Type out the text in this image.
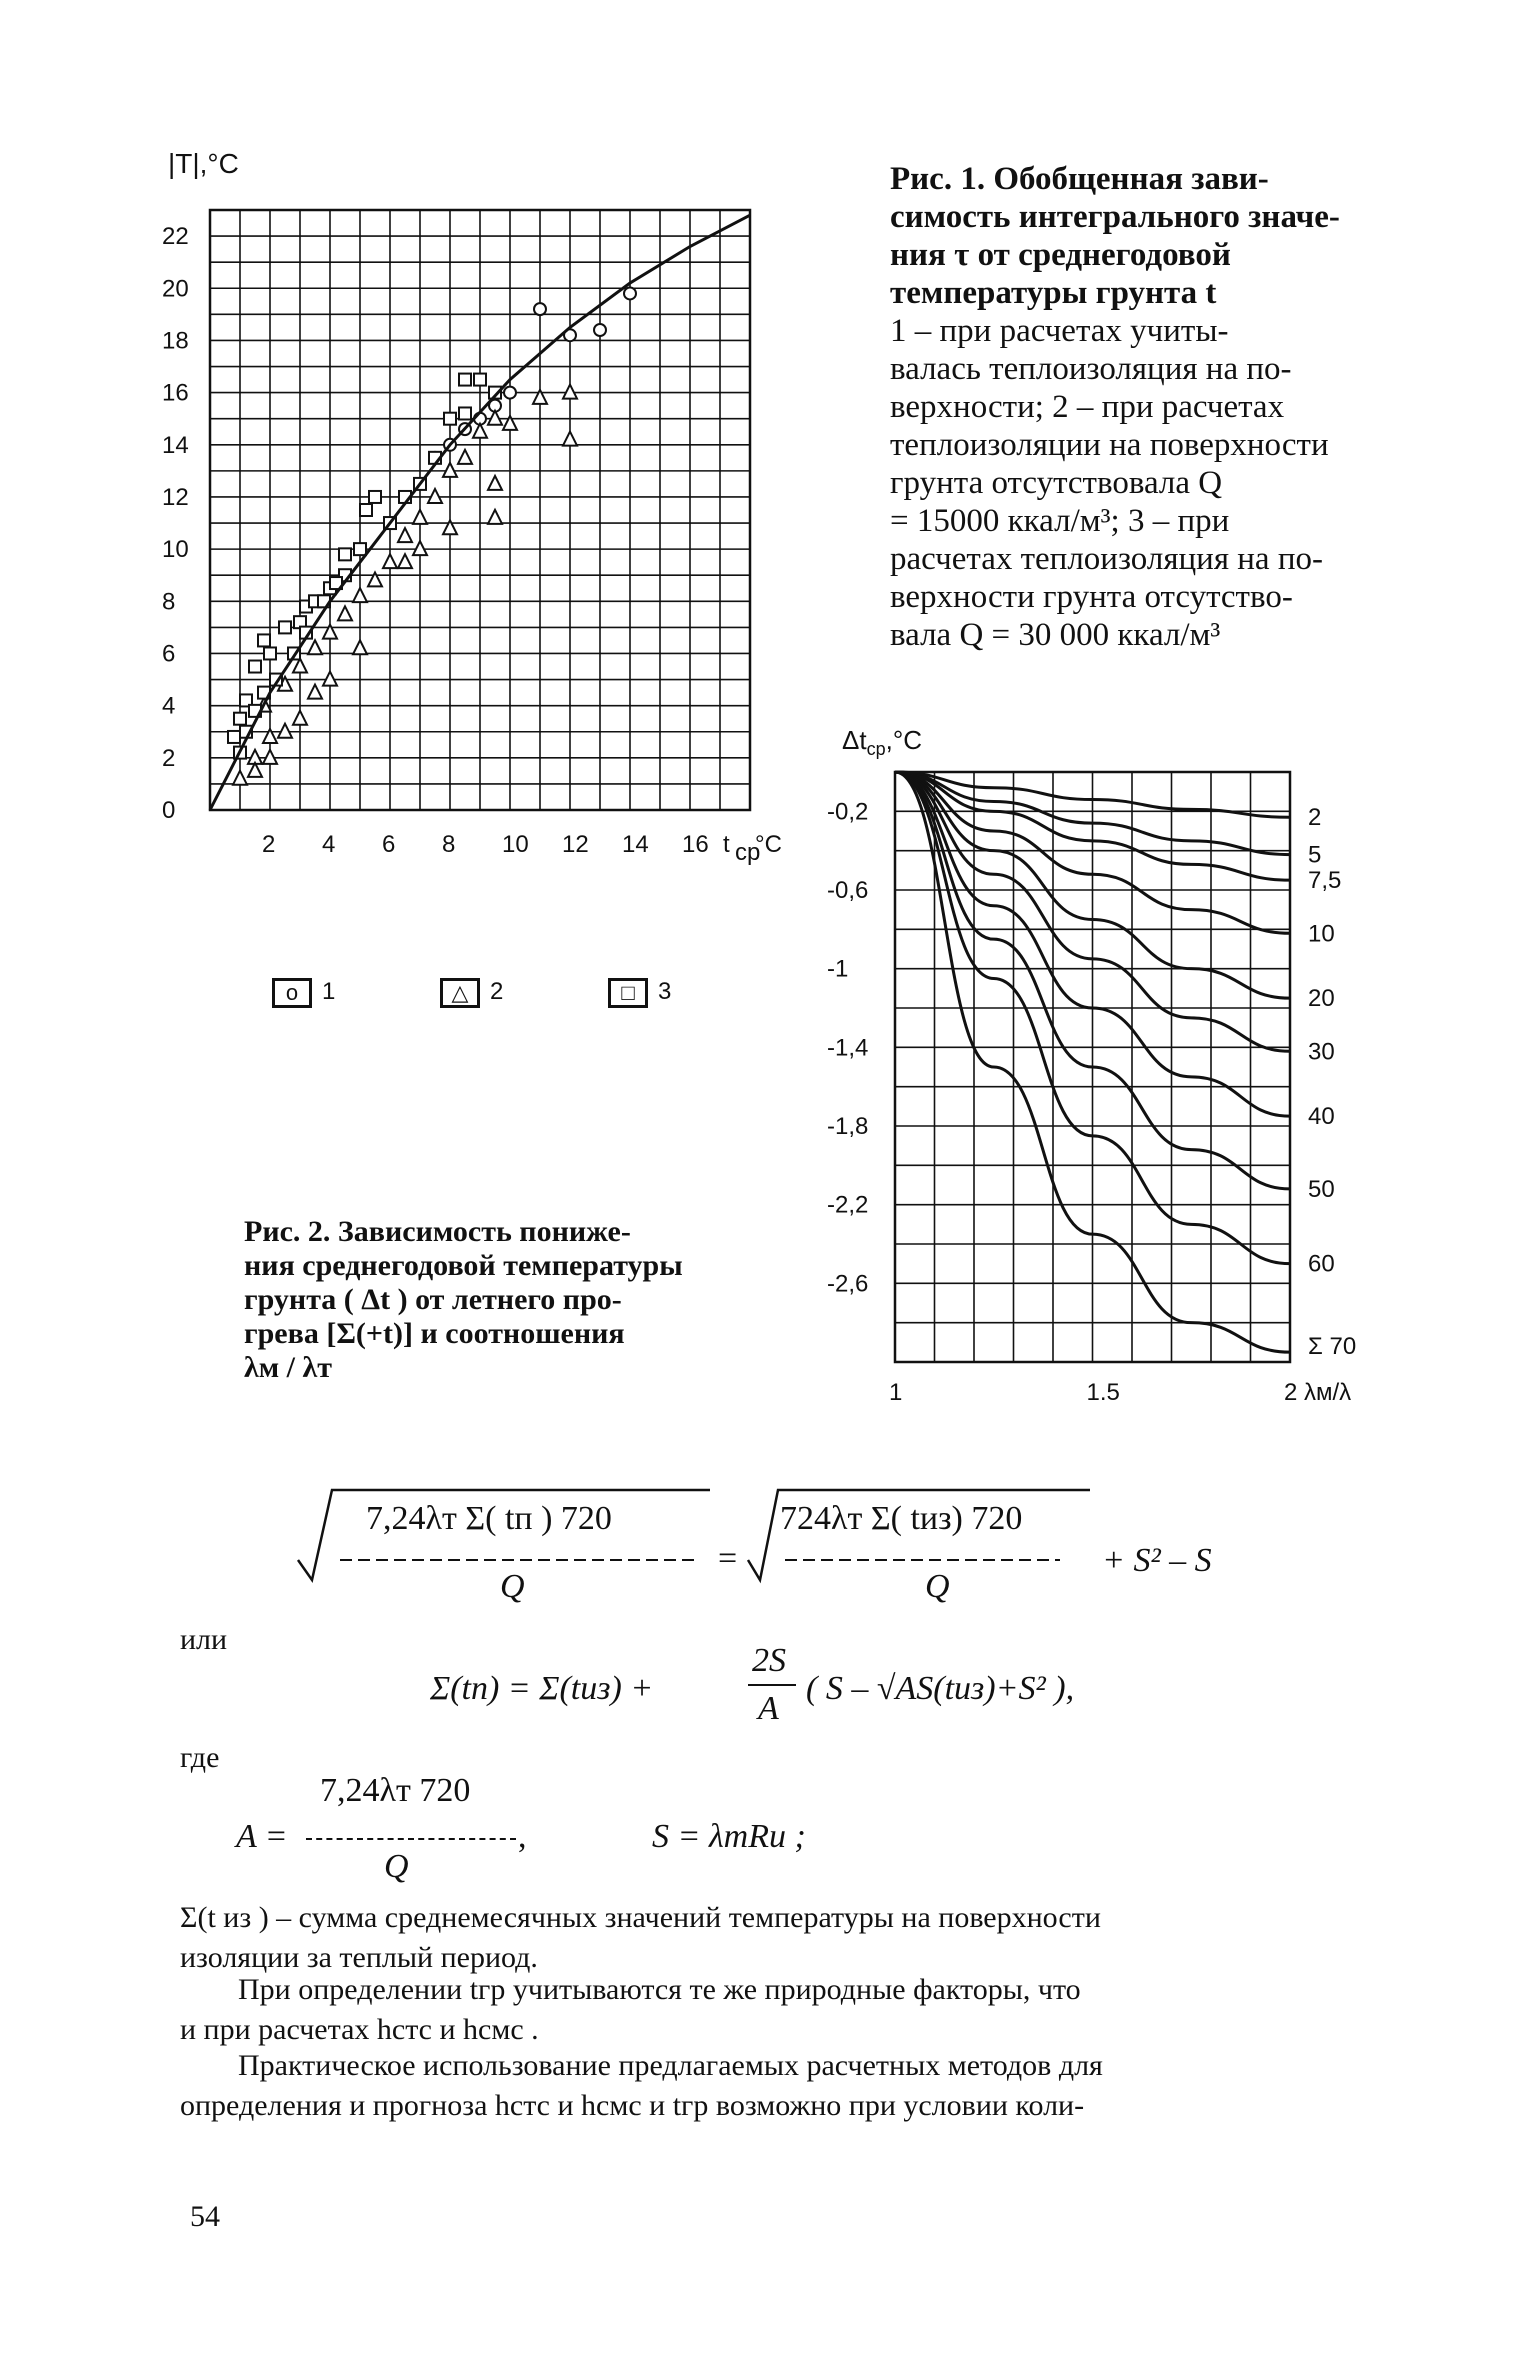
|T|,°C
22
20
18
16
14
12
10
8
6
4
2
0
2 4 6 8 10 12 14 16 t cp
°C
o 1	△ 2	□ 3
Рис. 1. Обобщенная зави-
симость интегрального значе-
ния τ от среднегодовой
температуры грунта t
1 – при расчетах учиты-
валась теплоизоляция на по-
верхности; 2 – при расчетах
теплоизоляции на поверхности
грунта отсутствовала Q
= 15000 ккал/м³; 3 – при
расчетах теплоизоляция на по-
верхности грунта отсутство-
вала Q = 30 000 ккал/м³
$\Delta t_{cp},^\circ C$
-2,6
-2,2
-1,8
-1,4
-1
-0,6
-0,2
1	1.5	2 λм/λ
Σ 70
60
50
40
30
20
10
7,5
5
2
Рис. 2. Зависимость пониже-
ния среднегодовой температуры
грунта ( Δt ) от летнего про-
грева [Σ(+t)] и соотношения
λм / λт
7,24λт Σ( tп ) 720
Q
=
724λт Σ( tиз) 720
Q
+ S² – S
или
Σ(tп) = Σ(tиз) +
2S
A
( S – √AS(tиз)+S² ),
где
7,24λт 720
A =	,
Q
S = λтRи ;
Σ(t из ) – сумма среднемесячных значений температуры на поверхности
изоляции за теплый период.
При определении tгр учитываются те же природные факторы, что
и при расчетах hстс и hсмс .
Практическое использование предлагаемых расчетных методов для
определения и прогноза hстс и hсмс и tгр возможно при условии коли-
54
